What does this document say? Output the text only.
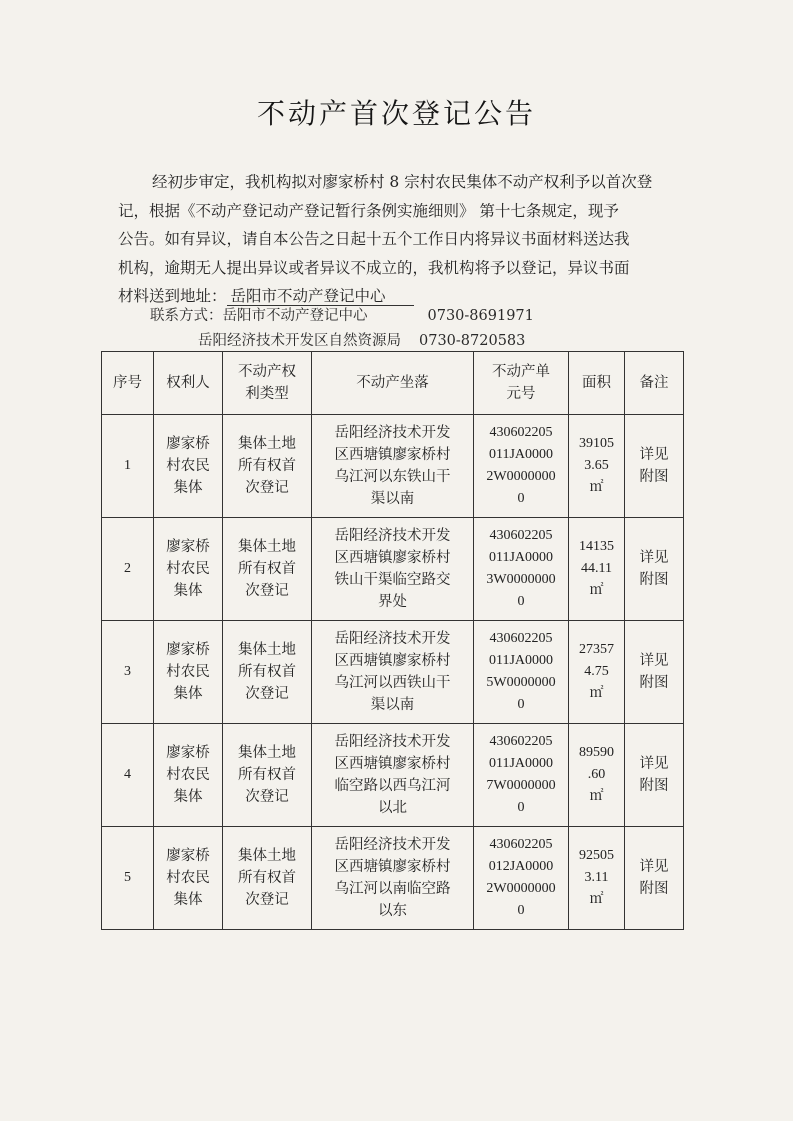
不动产首次登记公告
经初步审定，我机构拟对廖家桥村 8 宗村农民集体不动产权利予以首次登
记，根据《不动产登记动产登记暂行条例实施细则》 第十七条规定，现予
公告。如有异议，请自本公告之日起十五个工作日内将异议书面材料送达我
机构，逾期无人提出异议或者异议不成立的，我机构将予以登记，异议书面
材料送到地址： 岳阳市不动产登记中心
联系方式：岳阳市不动产登记中心	0730-8691971
岳阳经济技术开发区自然资源局 0730-8720583
序号	权利人	不动产权
利类型	不动产坐落	不动产单
元号	面积	备注
1	廖家桥
村农民
集体	集体土地
所有权首
次登记	岳阳经济技术开发
区西塘镇廖家桥村
乌江河以东铁山干
渠以南	430602205
011JA0000
2W0000000
0	39105
3.65
㎡	详见
附图

2	廖家桥
村农民
集体	集体土地
所有权首
次登记	岳阳经济技术开发
区西塘镇廖家桥村
铁山干渠临空路交
界处	430602205
011JA0000
3W0000000
0	14135
44.11
㎡	详见
附图

3	廖家桥
村农民
集体	集体土地
所有权首
次登记	岳阳经济技术开发
区西塘镇廖家桥村
乌江河以西铁山干
渠以南	430602205
011JA0000
5W0000000
0	27357
4.75
㎡	详见
附图

4	廖家桥
村农民
集体	集体土地
所有权首
次登记	岳阳经济技术开发
区西塘镇廖家桥村
临空路以西乌江河
以北	430602205
011JA0000
7W0000000
0	89590
.60
㎡	详见
附图

5	廖家桥
村农民
集体	集体土地
所有权首
次登记	岳阳经济技术开发
区西塘镇廖家桥村
乌江河以南临空路
以东	430602205
012JA0000
2W0000000
0	92505
3.11
㎡	详见
附图
